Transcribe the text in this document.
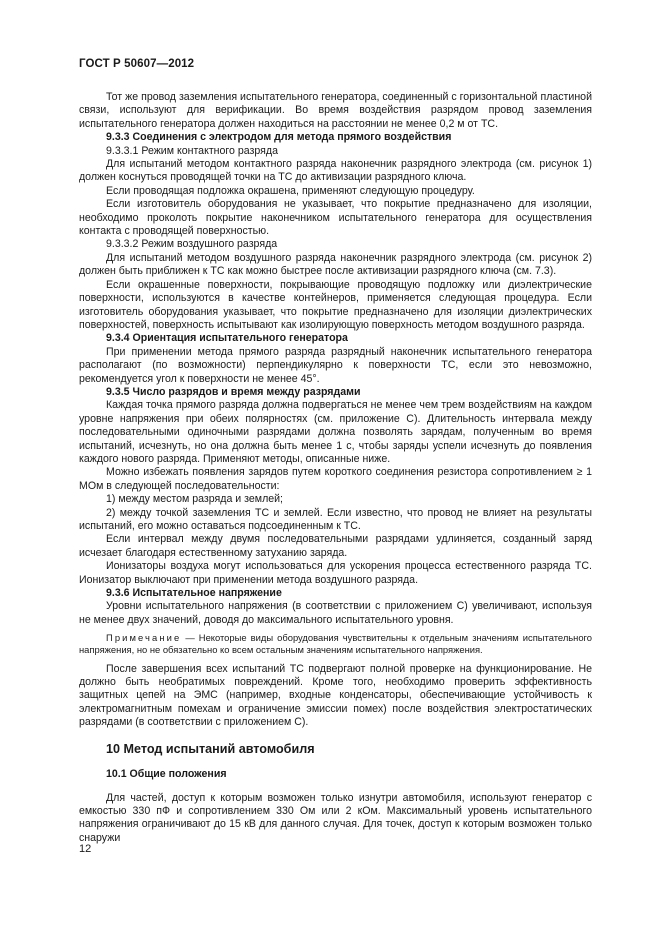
ГОСТ Р 50607—2012

Тот же провод заземления испытательного генератора, соединенный с горизонтальной пластиной связи, используют для верификации. Во время воздействия разрядом провод заземления испытательного генератора должен находиться на расстоянии не менее 0,2 м от ТС.

9.3.3 Соединения с электродом для метода прямого воздействия

9.3.3.1 Режим контактного разряда

Для испытаний методом контактного разряда наконечник разрядного электрода (см. рисунок 1) должен коснуться проводящей точки на ТС до активизации разрядного ключа.

Если проводящая подложка окрашена, применяют следующую процедуру.

Если изготовитель оборудования не указывает, что покрытие предназначено для изоляции, необходимо проколоть покрытие наконечником испытательного генератора для осуществления контакта с проводящей поверхностью.

9.3.3.2 Режим воздушного разряда

Для испытаний методом воздушного разряда наконечник разрядного электрода (см. рисунок 2) должен быть приближен к ТС как можно быстрее после активизации разрядного ключа (см. 7.3).

Если окрашенные поверхности, покрывающие проводящую подложку или диэлектрические поверхности, используются в качестве контейнеров, применяется следующая процедура. Если изготовитель оборудования указывает, что покрытие предназначено для изоляции диэлектрических поверхностей, поверхность испытывают как изолирующую поверхность методом воздушного разряда.

9.3.4 Ориентация испытательного генератора

При применении метода прямого разряда разрядный наконечник испытательного генератора располагают (по возможности) перпендикулярно к поверхности ТС, если это невозможно, рекомендуется угол к поверхности не менее 45°.

9.3.5 Число разрядов и время между разрядами

Каждая точка прямого разряда должна подвергаться не менее чем трем воздействиям на каждом уровне напряжения при обеих полярностях (см. приложение С). Длительность интервала между последовательными одиночными разрядами должна позволять зарядам, полученным во время испытаний, исчезнуть, но она должна быть менее 1 с, чтобы заряды успели исчезнуть до появления каждого нового разряда. Применяют методы, описанные ниже.

Можно избежать появления зарядов путем короткого соединения резистора сопротивлением ≥ 1 МОм в следующей последовательности:

1) между местом разряда и землей;

2) между точкой заземления ТС и землей. Если известно, что провод не влияет на результаты испытаний, его можно оставаться подсоединенным к ТС.

Если интервал между двумя последовательными разрядами удлиняется, созданный заряд исчезает благодаря естественному затуханию заряда.

Ионизаторы воздуха могут использоваться для ускорения процесса естественного разряда ТС. Ионизатор выключают при применении метода воздушного разряда.

9.3.6 Испытательное напряжение

Уровни испытательного напряжения (в соответствии с приложением С) увеличивают, используя не менее двух значений, доводя до максимального испытательного уровня.

Примечание — Некоторые виды оборудования чувствительны к отдельным значениям испытательного напряжения, но не обязательно ко всем остальным значениям испытательного напряжения.

После завершения всех испытаний ТС подвергают полной проверке на функционирование. Не должно быть необратимых повреждений. Кроме того, необходимо проверить эффективность защитных цепей на ЭМС (например, входные конденсаторы, обеспечивающие устойчивость к электромагнитным помехам и ограничение эмиссии помех) после воздействия электростатических разрядами (в соответствии с приложением С).

10 Метод испытаний автомобиля

10.1 Общие положения

Для частей, доступ к которым возможен только изнутри автомобиля, используют генератор с емкостью 330 пФ и сопротивлением 330 Ом или 2 кОм. Максимальный уровень испытательного напряжения ограничивают до 15 кВ для данного случая. Для точек, доступ к которым возможен только снаружи

12
